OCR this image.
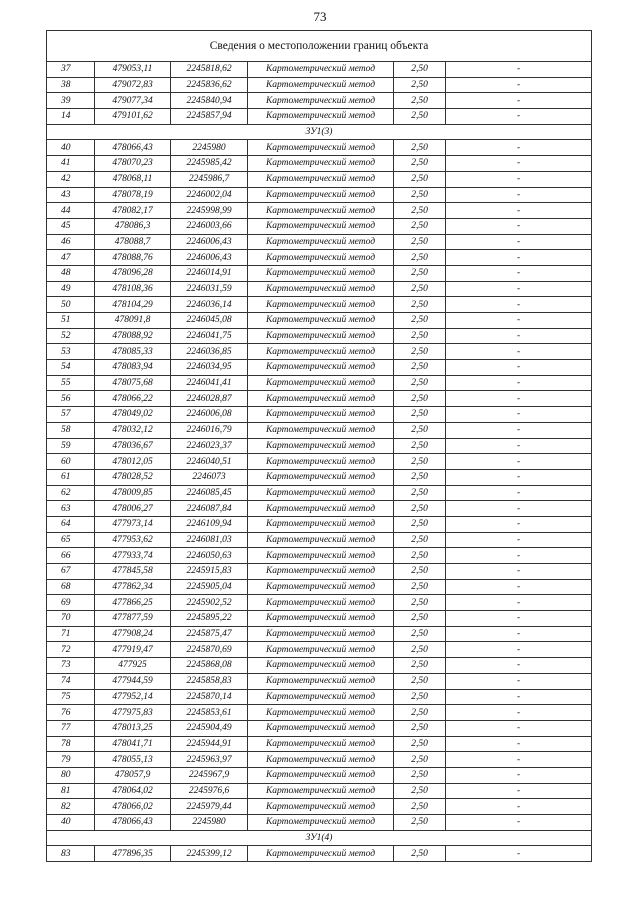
73
Сведения о местоположении границ объекта					
37	479053,11	2245818,62	Картометрический метод	2,50	-
38	479072,83	2245836,62	Картометрический метод	2,50	-
39	479077,34	2245840,94	Картометрический метод	2,50	-
14	479101,62	2245857,94	Картометрический метод	2,50	-
ЗУ1(3)					
40	478066,43	2245980	Картометрический метод	2,50	-
41	478070,23	2245985,42	Картометрический метод	2,50	-
42	478068,11	2245986,7	Картометрический метод	2,50	-
43	478078,19	2246002,04	Картометрический метод	2,50	-
44	478082,17	2245998,99	Картометрический метод	2,50	-
45	478086,3	2246003,66	Картометрический метод	2,50	-
46	478088,7	2246006,43	Картометрический метод	2,50	-
47	478088,76	2246006,43	Картометрический метод	2,50	-
48	478096,28	2246014,91	Картометрический метод	2,50	-
49	478108,36	2246031,59	Картометрический метод	2,50	-
50	478104,29	2246036,14	Картометрический метод	2,50	-
51	478091,8	2246045,08	Картометрический метод	2,50	-
52	478088,92	2246041,75	Картометрический метод	2,50	-
53	478085,33	2246036,85	Картометрический метод	2,50	-
54	478083,94	2246034,95	Картометрический метод	2,50	-
55	478075,68	2246041,41	Картометрический метод	2,50	-
56	478066,22	2246028,87	Картометрический метод	2,50	-
57	478049,02	2246006,08	Картометрический метод	2,50	-
58	478032,12	2246016,79	Картометрический метод	2,50	-
59	478036,67	2246023,37	Картометрический метод	2,50	-
60	478012,05	2246040,51	Картометрический метод	2,50	-
61	478028,52	2246073	Картометрический метод	2,50	-
62	478009,85	2246085,45	Картометрический метод	2,50	-
63	478006,27	2246087,84	Картометрический метод	2,50	-
64	477973,14	2246109,94	Картометрический метод	2,50	-
65	477953,62	2246081,03	Картометрический метод	2,50	-
66	477933,74	2246050,63	Картометрический метод	2,50	-
67	477845,58	2245915,83	Картометрический метод	2,50	-
68	477862,34	2245905,04	Картометрический метод	2,50	-
69	477866,25	2245902,52	Картометрический метод	2,50	-
70	477877,59	2245895,22	Картометрический метод	2,50	-
71	477908,24	2245875,47	Картометрический метод	2,50	-
72	477919,47	2245870,69	Картометрический метод	2,50	-
73	477925	2245868,08	Картометрический метод	2,50	-
74	477944,59	2245858,83	Картометрический метод	2,50	-
75	477952,14	2245870,14	Картометрический метод	2,50	-
76	477975,83	2245853,61	Картометрический метод	2,50	-
77	478013,25	2245904,49	Картометрический метод	2,50	-
78	478041,71	2245944,91	Картометрический метод	2,50	-
79	478055,13	2245963,97	Картометрический метод	2,50	-
80	478057,9	2245967,9	Картометрический метод	2,50	-
81	478064,02	2245976,6	Картометрический метод	2,50	-
82	478066,02	2245979,44	Картометрический метод	2,50	-
40	478066,43	2245980	Картометрический метод	2,50	-
ЗУ1(4)					
83	477896,35	2245399,12	Картометрический метод	2,50	-
